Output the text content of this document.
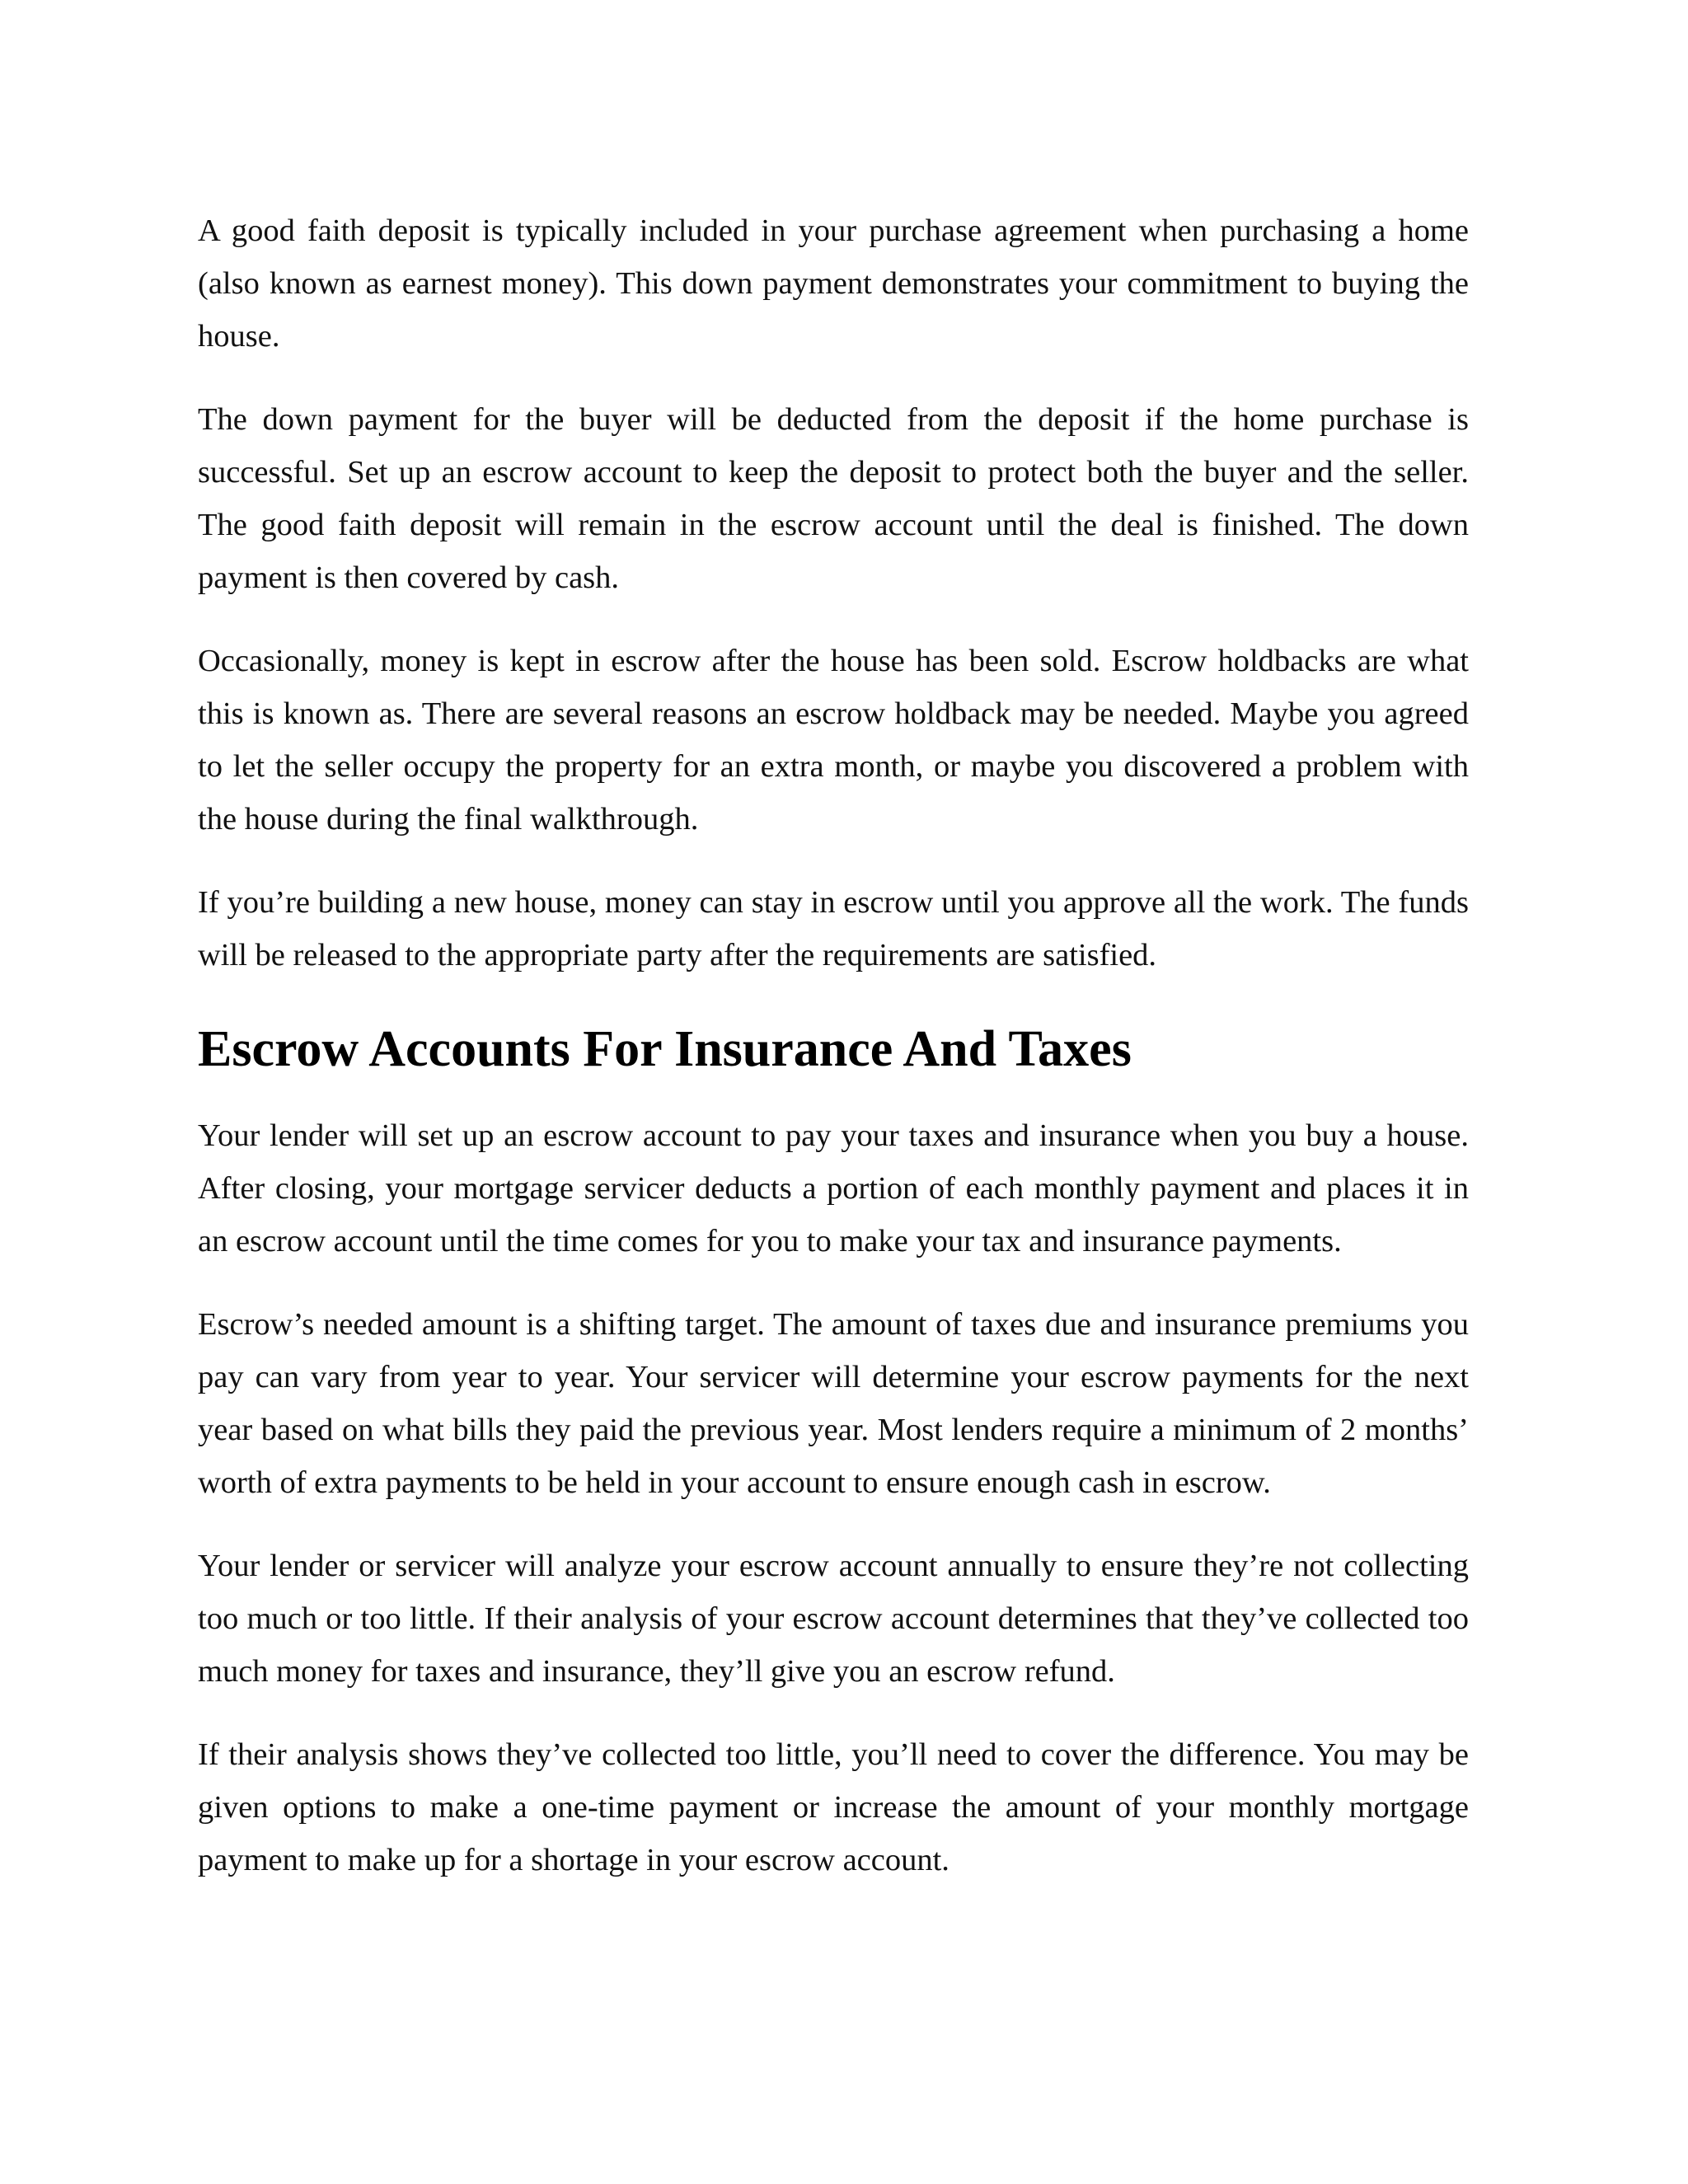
A good faith deposit is typically included in your purchase agreement when purchasing a home (also known as earnest money). This down payment demonstrates your commitment to buying the house.

The down payment for the buyer will be deducted from the deposit if the home purchase is successful. Set up an escrow account to keep the deposit to protect both the buyer and the seller. The good faith deposit will remain in the escrow account until the deal is finished. The down payment is then covered by cash.

Occasionally, money is kept in escrow after the house has been sold. Escrow holdbacks are what this is known as. There are several reasons an escrow holdback may be needed. Maybe you agreed to let the seller occupy the property for an extra month, or maybe you discovered a problem with the house during the final walkthrough.

If you’re building a new house, money can stay in escrow until you approve all the work. The funds will be released to the appropriate party after the requirements are satisfied.

Escrow Accounts For Insurance And Taxes

Your lender will set up an escrow account to pay your taxes and insurance when you buy a house. After closing, your mortgage servicer deducts a portion of each monthly payment and places it in an escrow account until the time comes for you to make your tax and insurance payments.

Escrow’s needed amount is a shifting target. The amount of taxes due and insurance premiums you pay can vary from year to year. Your servicer will determine your escrow payments for the next year based on what bills they paid the previous year. Most lenders require a minimum of 2 months’ worth of extra payments to be held in your account to ensure enough cash in escrow.

Your lender or servicer will analyze your escrow account annually to ensure they’re not collecting too much or too little. If their analysis of your escrow account determines that they’ve collected too much money for taxes and insurance, they’ll give you an escrow refund.

If their analysis shows they’ve collected too little, you’ll need to cover the difference. You may be given options to make a one-time payment or increase the amount of your monthly mortgage payment to make up for a shortage in your escrow account.
